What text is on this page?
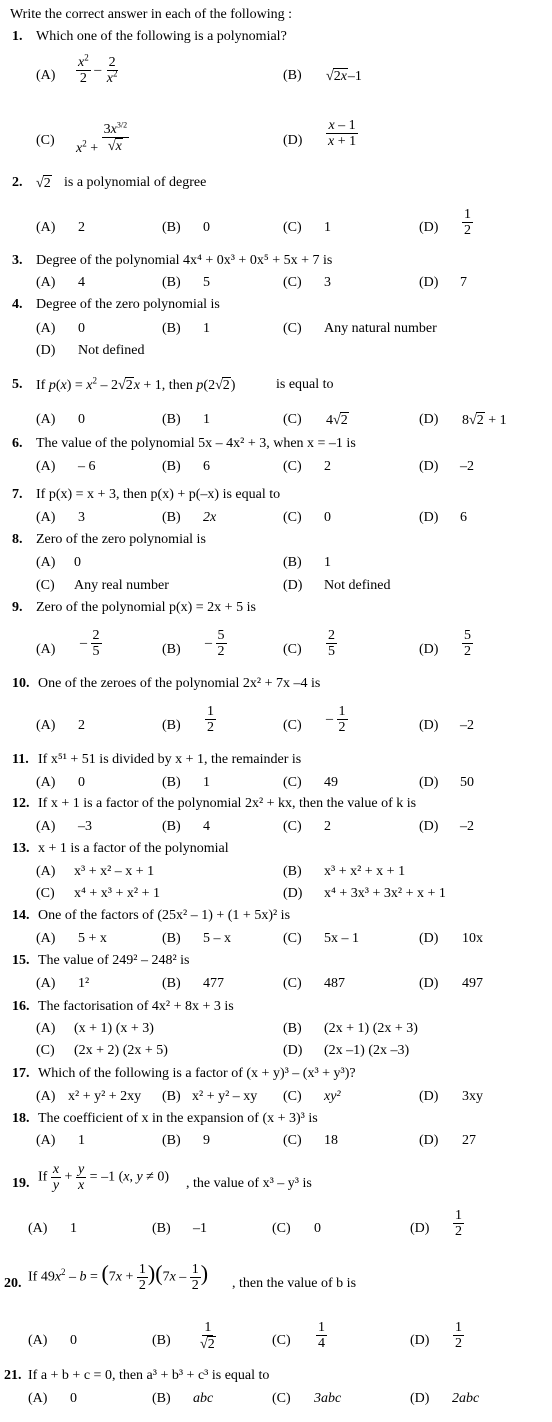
Write the correct answer in each of the following :
1. Which one of the following is a polynomial?
$(A) \frac{x^2}{2} - \frac{2}{x^2}$	(B) √2x–1
(C)
$x^2 + \frac{3x^{3/2}}{√x}$	$(D) \frac{x - 1}{x + 1}$
2. √2 is a polynomial of degree
(A) 2	(B) 0	(C) 1	$(D) \frac{1}{2}$
3. Degree of the polynomial 4x⁴ + 0x³ + 0x⁵ + 5x + 7 is
(A) 4	(B) 5	(C) 3	(D) 7
4. Degree of the zero polynomial is
(A) 0	(B) 1	(C) Any natural number
(D) Not defined
5. If $p(x) = x^2 - 2√2x + 1$, then p(2√2)	is equal to
(A) 0	(B) 1	(C) 4√2	(D) 8√2 + 1
6. The value of the polynomial 5x – 4x² + 3, when x = –1 is
(A) – 6	(B) 6	(C) 2	(D) –2
7. If p(x) = x + 3, then p(x) + p(–x) is equal to
(A) 3	(B) 2x	(C) 0	(D) 6
8. Zero of the zero polynomial is
(A) 0	(B) 1
(C) Any real number	(D) Not defined
9. Zero of the polynomial p(x) = 2x + 5 is
$(A) - \frac{2}{5}$	$(B) - \frac{5}{2}$	$(C) \frac{2}{5}$	$(D) \frac{5}{2}$
10. One of the zeroes of the polynomial 2x² + 7x –4 is
(A) 2	$(B) \frac{1}{2}$	$(C) - \frac{1}{2}$	(D) –2
11. If x⁵¹ + 51 is divided by x + 1, the remainder is
(A) 0	(B) 1	(C) 49	(D) 50
12. If x + 1 is a factor of the polynomial 2x² + kx, then the value of k is
(A) –3	(B) 4	(C) 2	(D) –2
13. x + 1 is a factor of the polynomial
(A) x³ + x² – x + 1	(B) x³ + x² + x + 1
(C) x⁴ + x³ + x² + 1	(D) x⁴ + 3x³ + 3x² + x + 1
14. One of the factors of (25x² – 1) + (1 + 5x)² is
(A) 5 + x	(B) 5 – x	(C) 5x – 1	(D) 10x
15. The value of 249² – 248² is
(A) 1²	(B) 477	(C) 487	(D) 497
16. The factorisation of 4x² + 8x + 3 is
(A) (x + 1) (x + 3)	(B) (2x + 1) (2x + 3)
(C) (2x + 2) (2x + 5)	(D) (2x –1) (2x –3)
17. Which of the following is a factor of (x + y)³ – (x³ + y³)?
(A) x² + y² + 2xy (B) x² + y² – xy (C) xy²	(D) 3xy
18. The coefficient of x in the expansion of (x + 3)³ is
(A) 1	(B) 9	(C) 18	(D) 27
19. If $\frac{x}{y} + \frac{y}{x} = -1$ (x, y ≠ 0) , the value of x³ – y³ is
(A) 1	(B) –1	(C) 0	$(D) \frac{1}{2}$
20. If $49x^2 - b = (7x + \frac{1}{2} )(7x - \frac{1}{2}$ ) , then the value of b is
(A) 0	$(B) \frac{1}{√2}$	$(C) \frac{1}{4}$	$(D) \frac{1}{2}$
21. If a + b + c = 0, then a³ + b³ + c³ is equal to
(A) 0	(B) abc	(C) 3abc	(D) 2abc
